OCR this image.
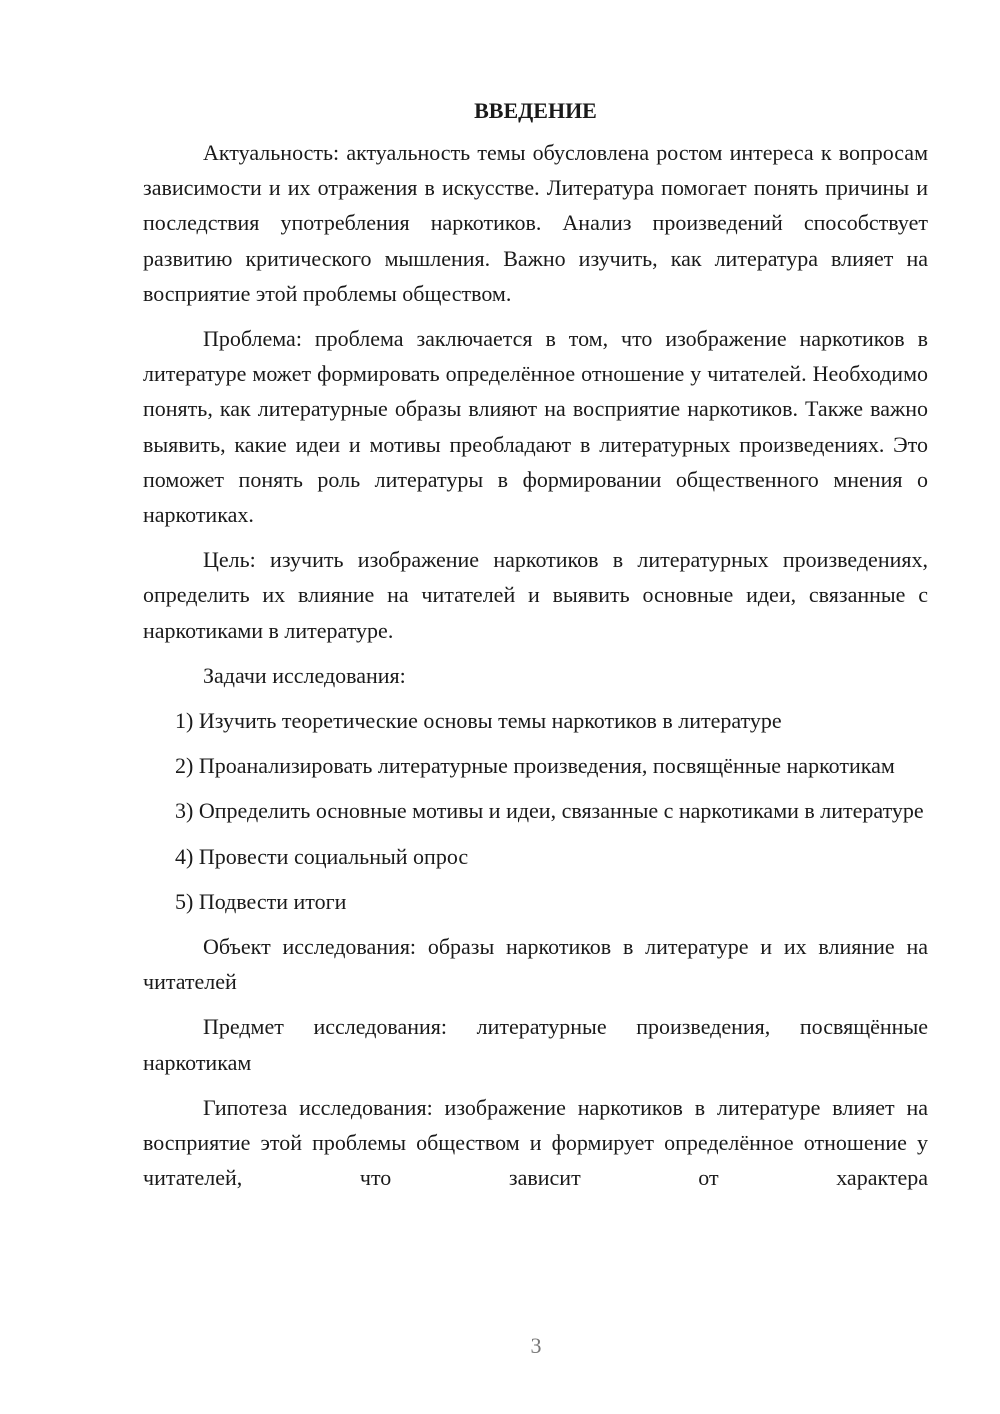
ВВЕДЕНИЕ

Актуальность: актуальность темы обусловлена ростом интереса к вопросам зависимости и их отражения в искусстве. Литература помогает понять причины и последствия употребления наркотиков. Анализ произведений способствует развитию критического мышления. Важно изучить, как литература влияет на восприятие этой проблемы обществом.

Проблема: проблема заключается в том, что изображение наркотиков в литературе может формировать определённое отношение у читателей. Необходимо понять, как литературные образы влияют на восприятие наркотиков. Также важно выявить, какие идеи и мотивы преобладают в литературных произведениях. Это поможет понять роль литературы в формировании общественного мнения о наркотиках.

Цель: изучить изображение наркотиков в литературных произведениях, определить их влияние на читателей и выявить основные идеи, связанные с наркотиками в литературе.

Задачи исследования:

1) Изучить теоретические основы темы наркотиков в литературе

2) Проанализировать литературные произведения, посвящённые наркотикам

3) Определить основные мотивы и идеи, связанные с наркотиками в литературе

4) Провести социальный опрос

5) Подвести итоги

Объект исследования: образы наркотиков в литературе и их влияние на читателей

Предмет исследования: литературные произведения, посвящённые наркотикам

Гипотеза исследования: изображение наркотиков в литературе влияет на восприятие этой проблемы обществом и формирует определённое отношение у читателей, что зависит от характера

3
